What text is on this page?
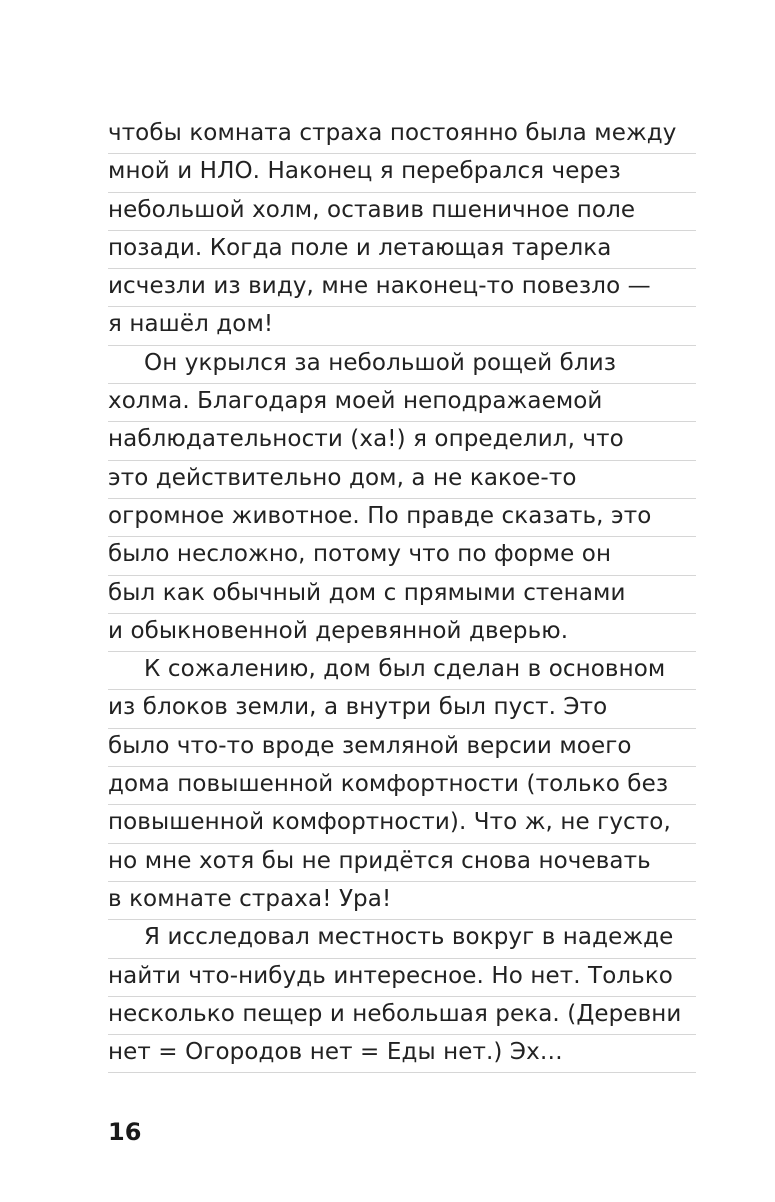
чтобы комната страха постоянно была между
мной и НЛО. Наконец я перебрался через
небольшой холм, оставив пшеничное поле
позади. Когда поле и летающая тарелка
исчезли из виду, мне наконец-то повезло —
я нашёл дом!
Он укрылся за небольшой рощей близ
холма. Благодаря моей неподражаемой
наблюдательности (ха!) я определил, что
это действительно дом, а не какое-то
огромное животное. По правде сказать, это
было несложно, потому что по форме он
был как обычный дом с прямыми стенами
и обыкновенной деревянной дверью.
К сожалению, дом был сделан в основном
из блоков земли, а внутри был пуст. Это
было что-то вроде земляной версии моего
дома повышенной комфортности (только без
повышенной комфортности). Что ж, не густо,
но мне хотя бы не придётся снова ночевать
в комнате страха! Ура!
Я исследовал местность вокруг в надежде
найти что-нибудь интересное. Но нет. Только
несколько пещер и небольшая река. (Деревни
нет = Огородов нет = Еды нет.) Эх…
16
